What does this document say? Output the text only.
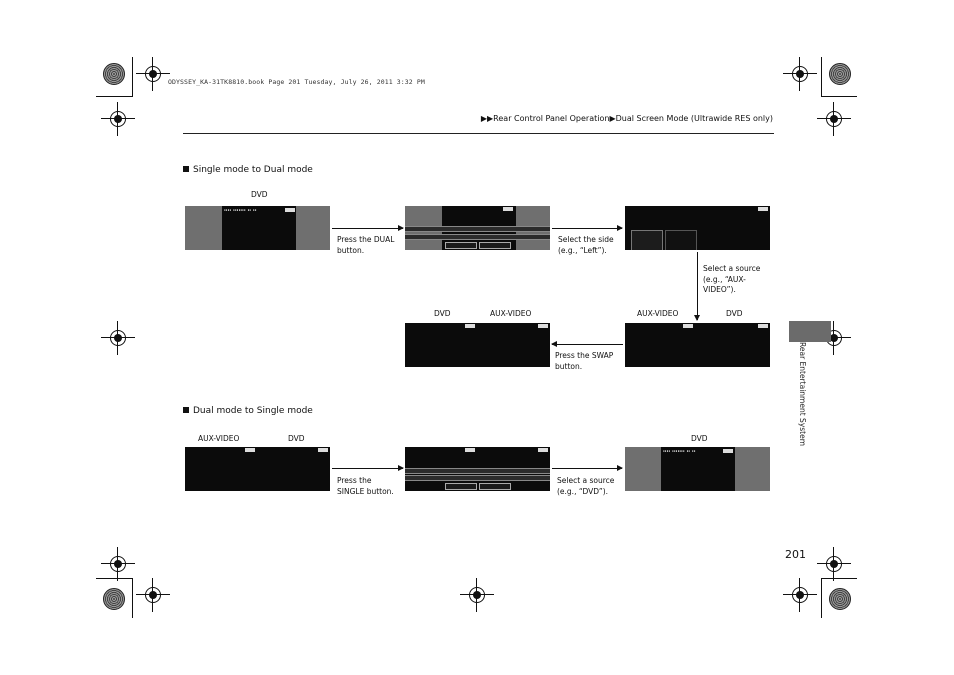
ODYSSEY_KA-31TK8810.book Page 201 Tuesday, July 26, 2011 3:32 PM
▶▶Rear Control Panel Operation▶Dual Screen Mode (Ultrawide RES only)
Single mode to Dual mode
DVD
▮▮▮▮ ▮▮▮▮▮▮▮ ▮▮ ▮▮
Press the DUAL
button.
Select the side
(e.g., “Left”).
Select a source
(e.g., “AUX-
VIDEO”).
AUX-VIDEO	DVD
Press the SWAP
button.
DVD	AUX-VIDEO
Dual mode to Single mode
AUX-VIDEO	DVD
Press the
SINGLE button.
Select a source
(e.g., “DVD”).
DVD
▮▮▮▮ ▮▮▮▮▮▮▮ ▮▮ ▮▮
Rear Entertainment System
201
